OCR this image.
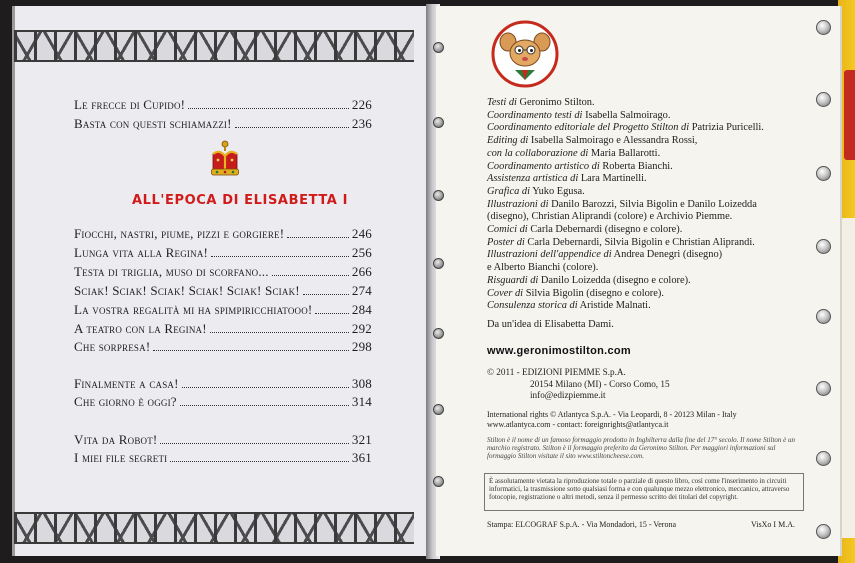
Le frecce di Cupido!	226
Basta con questi schiamazzi!	236
ALL'EPOCA DI ELISABETTA I
Fiocchi, nastri, piume, pizzi e gorgiere!	246
Lunga vita alla Regina!	256
Testa di triglia, muso di scorfano...	266
Sciak! Sciak! Sciak! Sciak! Sciak! Sciak!	274
La vostra regalità mi ha spimpiricchiatooo!	284
A teatro con la Regina!	292
Che sorpresa!	298
Finalmente a casa!	308
Che giorno è oggi?	314
Vita da Robot!	321
I miei file segreti	361
Testi di Geronimo Stilton.
Coordinamento testi di Isabella Salmoirago.
Coordinamento editoriale del Progetto Stilton di Patrizia Puricelli.
Editing di Isabella Salmoirago e Alessandra Rossi,
con la collaborazione di Maria Ballarotti.
Coordinamento artistico di Roberta Bianchi.
Assistenza artistica di Lara Martinelli.
Grafica di Yuko Egusa.
Illustrazioni di Danilo Barozzi, Silvia Bigolin e Danilo Loizedda
(disegno), Christian Aliprandi (colore) e Archivio Piemme.
Comici di Carla Debernardi (disegno e colore).
Poster di Carla Debernardi, Silvia Bigolin e Christian Aliprandi.
Illustrazioni dell'appendice di Andrea Denegri (disegno)
e Alberto Bianchi (colore).
Risguardi di Danilo Loizedda (disegno e colore).
Cover di Silvia Bigolin (disegno e colore).
Consulenza storica di Aristide Malnati.
Da un'idea di Elisabetta Dami.
www.geronimostilton.com
© 2011 - EDIZIONI PIEMME S.p.A.
20154 Milano (MI) - Corso Como, 15
info@edizpiemme.it
International rights © Atlantyca S.p.A. - Via Leopardi, 8 - 20123 Milan - Italy
www.atlantyca.com - contact: foreignrights@atlantyca.it
Stilton è il nome di un famoso formaggio prodotto in Inghilterra dalla fine del 17° secolo. Il nome Stilton è un marchio registrato. Stilton è il formaggio preferito da Geronimo Stilton. Per maggiori informazioni sul formaggio Stilton visitate il sito www.stiltoncheese.com.
È assolutamente vietata la riproduzione totale o parziale di questo libro, così come l'inserimento in circuiti informatici, la trasmissione sotto qualsiasi forma e con qualunque mezzo elettronico, meccanico, attraverso fotocopie, registrazione o altri metodi, senza il permesso scritto dei titolari del copyright.
Stampa: ELCOGRAF S.p.A. - Via Mondadori, 15 - Verona	VisXo I M.A.
